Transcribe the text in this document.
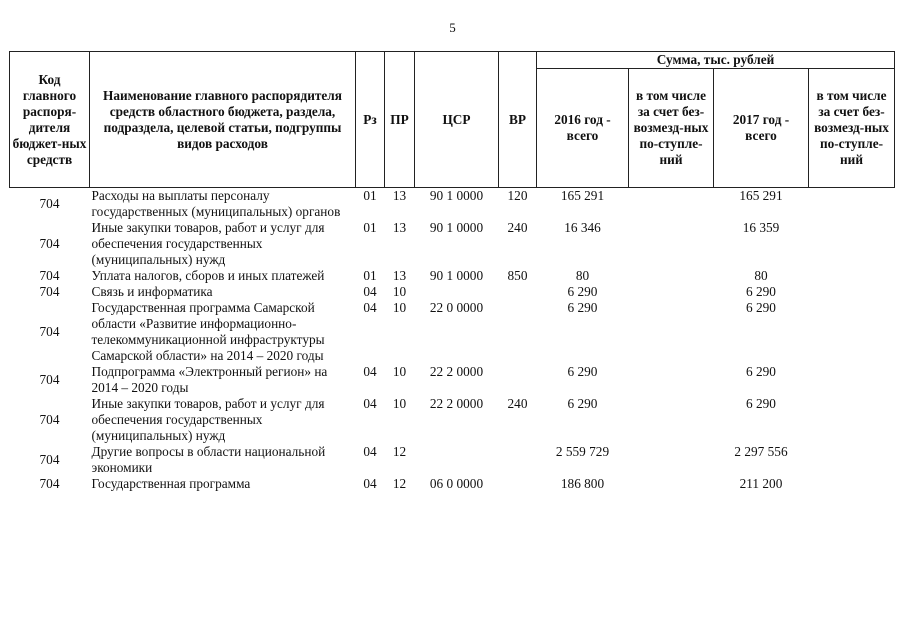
5
Код главного распоря-дителя бюджет-ных средств	Наименование главного распорядителя средств областного бюджета, раздела, подраздела, целевой статьи, подгруппы видов расходов	Рз	ПР	ЦСР	ВР	Сумма, тыс. рублей			
						2016 год - всего	в том числе за счет без-возмезд-ных по-ступле-ний	2017 год - всего	в том числе за счет без-возмезд-ных по-ступле-ний
704	Расходы на выплаты персоналу государственных (муниципальных) органов	01	13	90 1 0000	120	165 291		165 291	
704	Иные закупки товаров, работ и услуг для обеспечения государственных (муниципальных) нужд	01	13	90 1 0000	240	16 346		16 359	
704	Уплата налогов, сборов и иных платежей	01	13	90 1 0000	850	80		80	
704	Связь и информатика	04	10			6 290		6 290	
704	Государственная программа Самарской области «Развитие информационно-телекоммуникационной инфраструктуры Самарской области» на 2014 – 2020 годы	04	10	22 0 0000		6 290		6 290	
704	Подпрограмма «Электронный регион» на 2014 – 2020 годы	04	10	22 2 0000		6 290		6 290	
704	Иные закупки товаров, работ и услуг для обеспечения государственных (муниципальных) нужд	04	10	22 2 0000	240	6 290		6 290	
704	Другие вопросы в области национальной экономики	04	12			2 559 729		2 297 556	
704	Государственная программа	04	12	06 0 0000		186 800		211 200	
